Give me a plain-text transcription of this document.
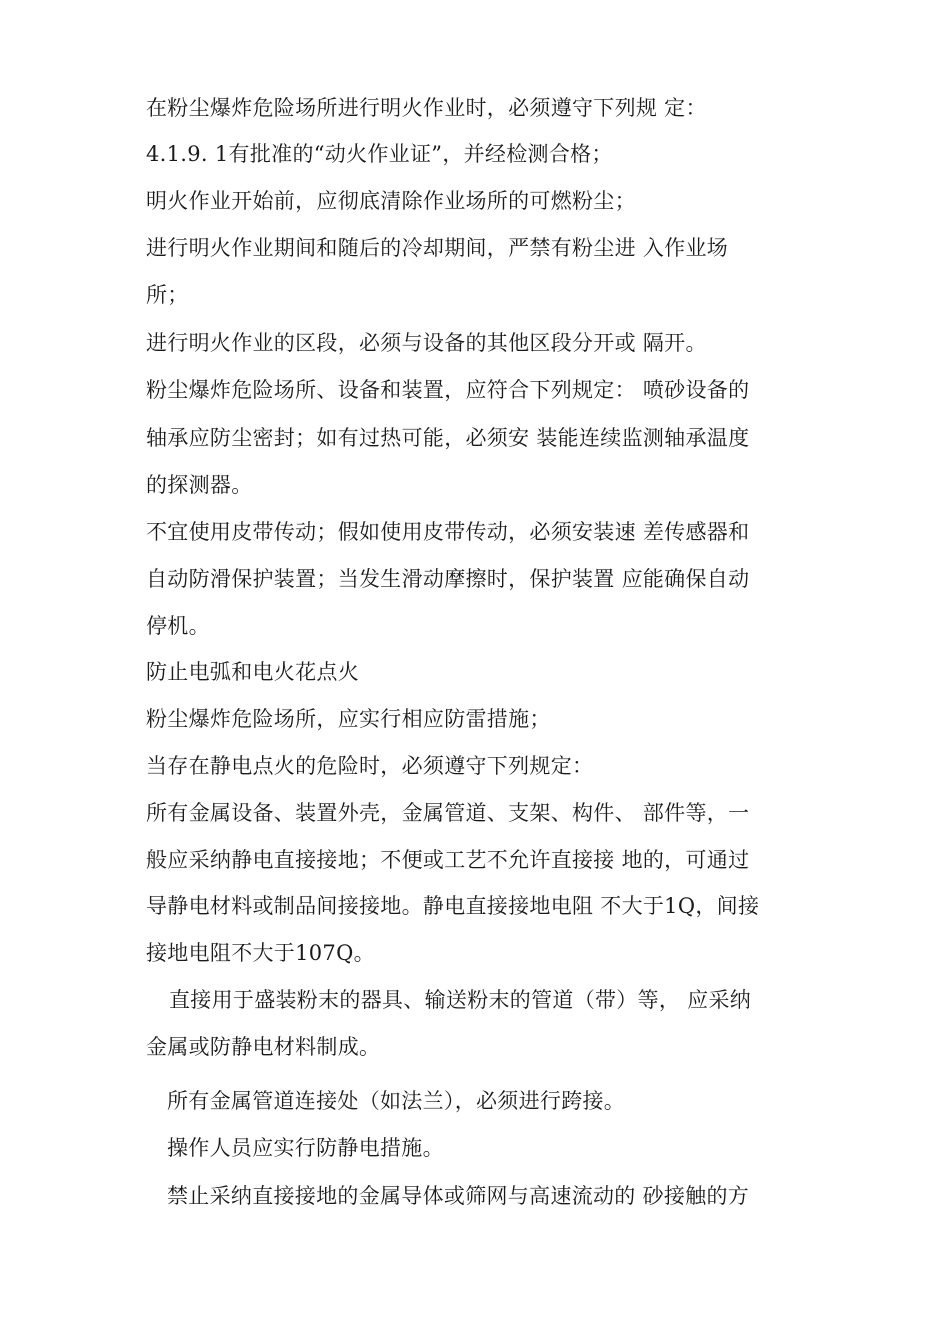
在粉尘爆炸危险场所进行明火作业时，必须遵守下列规 定：
4.1.9. 1有批准的“动火作业证”，并经检测合格；
明火作业开始前，应彻底清除作业场所的可燃粉尘；
进行明火作业期间和随后的冷却期间，严禁有粉尘进 入作业场
所；
进行明火作业的区段，必须与设备的其他区段分开或 隔开。
粉尘爆炸危险场所、设备和装置，应符合下列规定： 喷砂设备的
轴承应防尘密封；如有过热可能，必须安 装能连续监测轴承温度
的探测器。
不宜使用皮带传动；假如使用皮带传动，必须安装速 差传感器和
自动防滑保护装置；当发生滑动摩擦时，保护装置 应能确保自动
停机。
防止电弧和电火花点火
粉尘爆炸危险场所，应实行相应防雷措施；
当存在静电点火的危险时，必须遵守下列规定：
所有金属设备、装置外壳，金属管道、支架、构件、 部件等，一
般应采纳静电直接接地；不便或工艺不允许直接接 地的，可通过
导静电材料或制品间接接地。静电直接接地电阻 不大于1Q，间接
接地电阻不大于107Q。
直接用于盛装粉末的器具、输送粉末的管道（带）等， 应采纳
金属或防静电材料制成。
所有金属管道连接处（如法兰），必须进行跨接。
操作人员应实行防静电措施。
禁止采纳直接接地的金属导体或筛网与高速流动的 砂接触的方
